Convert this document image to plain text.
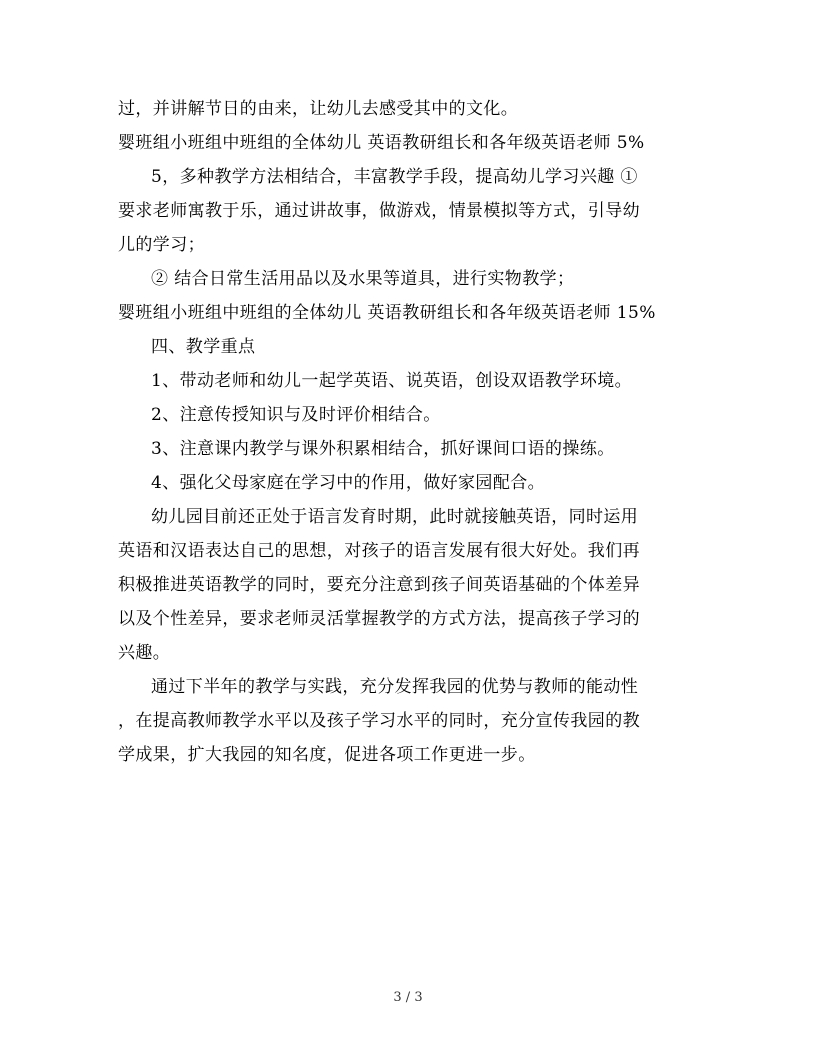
过，并讲解节日的由来，让幼儿去感受其中的文化。
婴班组小班组中班组的全体幼儿 英语教研组长和各年级英语老师 5%
5，多种教学方法相结合，丰富教学手段，提高幼儿学习兴趣 ①
要求老师寓教于乐，通过讲故事，做游戏，情景模拟等方式，引导幼
儿的学习；
② 结合日常生活用品以及水果等道具，进行实物教学；
婴班组小班组中班组的全体幼儿 英语教研组长和各年级英语老师 15%
四、教学重点
1、带动老师和幼儿一起学英语、说英语，创设双语教学环境。
2、注意传授知识与及时评价相结合。
3、注意课内教学与课外积累相结合，抓好课间口语的操练。
4、强化父母家庭在学习中的作用，做好家园配合。
幼儿园目前还正处于语言发育时期，此时就接触英语，同时运用
英语和汉语表达自己的思想，对孩子的语言发展有很大好处。我们再
积极推进英语教学的同时，要充分注意到孩子间英语基础的个体差异
以及个性差异，要求老师灵活掌握教学的方式方法，提高孩子学习的
兴趣。
通过下半年的教学与实践，充分发挥我园的优势与教师的能动性
，在提高教师教学水平以及孩子学习水平的同时，充分宣传我园的教
学成果，扩大我园的知名度，促进各项工作更进一步。
3 / 3
